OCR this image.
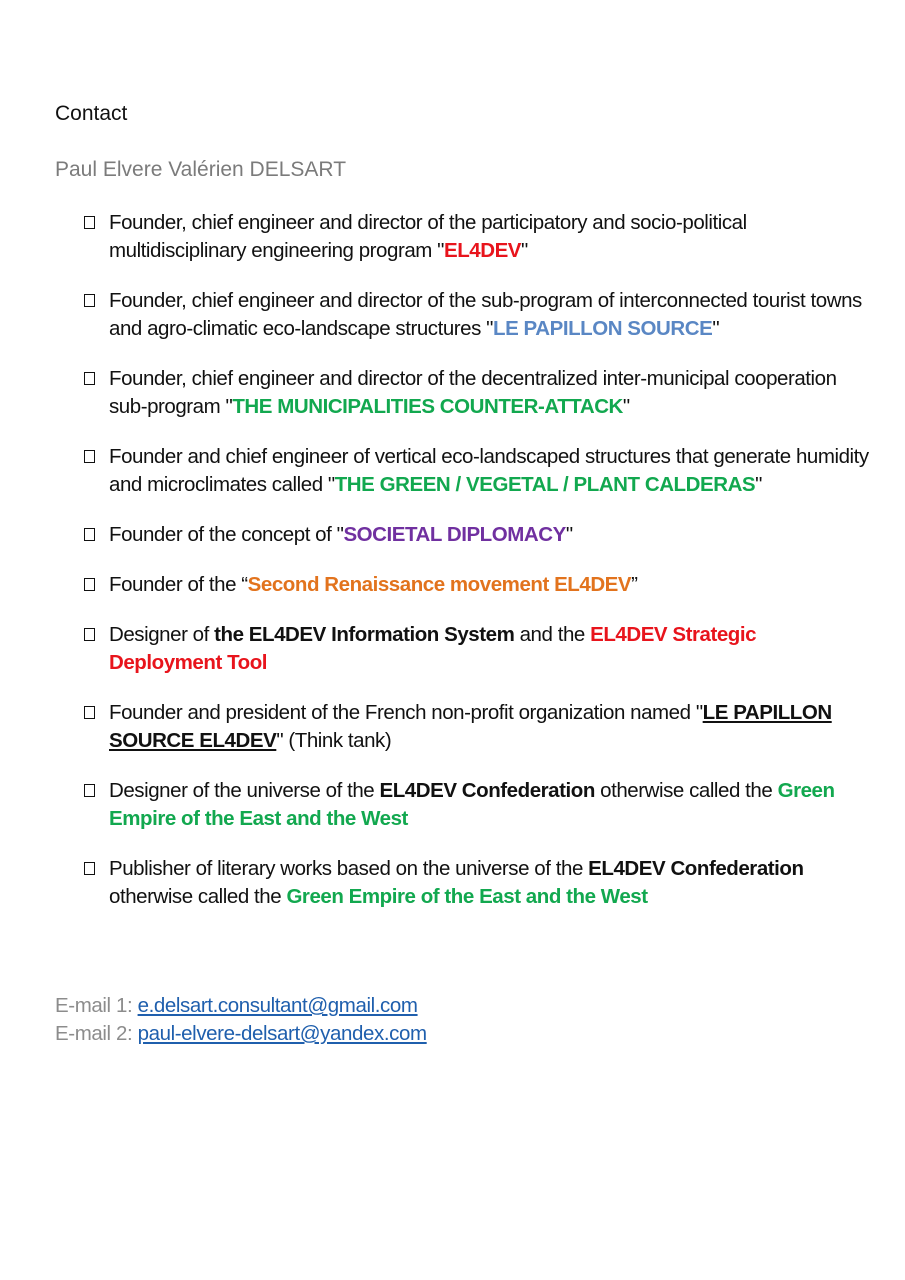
Contact
Paul Elvere Valérien DELSART
Founder, chief engineer and director of the participatory and socio-political multidisciplinary engineering program "EL4DEV"
Founder, chief engineer and director of the sub-program of interconnected tourist towns and agro-climatic eco-landscape structures "LE PAPILLON SOURCE"
Founder, chief engineer and director of the decentralized inter-municipal cooperation sub-program "THE MUNICIPALITIES COUNTER-ATTACK"
Founder and chief engineer of vertical eco-landscaped structures that generate humidity and microclimates called "THE GREEN / VEGETAL / PLANT CALDERAS"
Founder of the concept of "SOCIETAL DIPLOMACY"
Founder of the “Second Renaissance movement EL4DEV”
Designer of the EL4DEV Information System and the EL4DEV Strategic Deployment Tool
Founder and president of the French non-profit organization named "LE PAPILLON SOURCE EL4DEV" (Think tank)
Designer of the universe of the EL4DEV Confederation otherwise called the Green Empire of the East and the West
Publisher of literary works based on the universe of the EL4DEV Confederation otherwise called the Green Empire of the East and the West
E-mail 1: e.delsart.consultant@gmail.com
E-mail 2: paul-elvere-delsart@yandex.com
